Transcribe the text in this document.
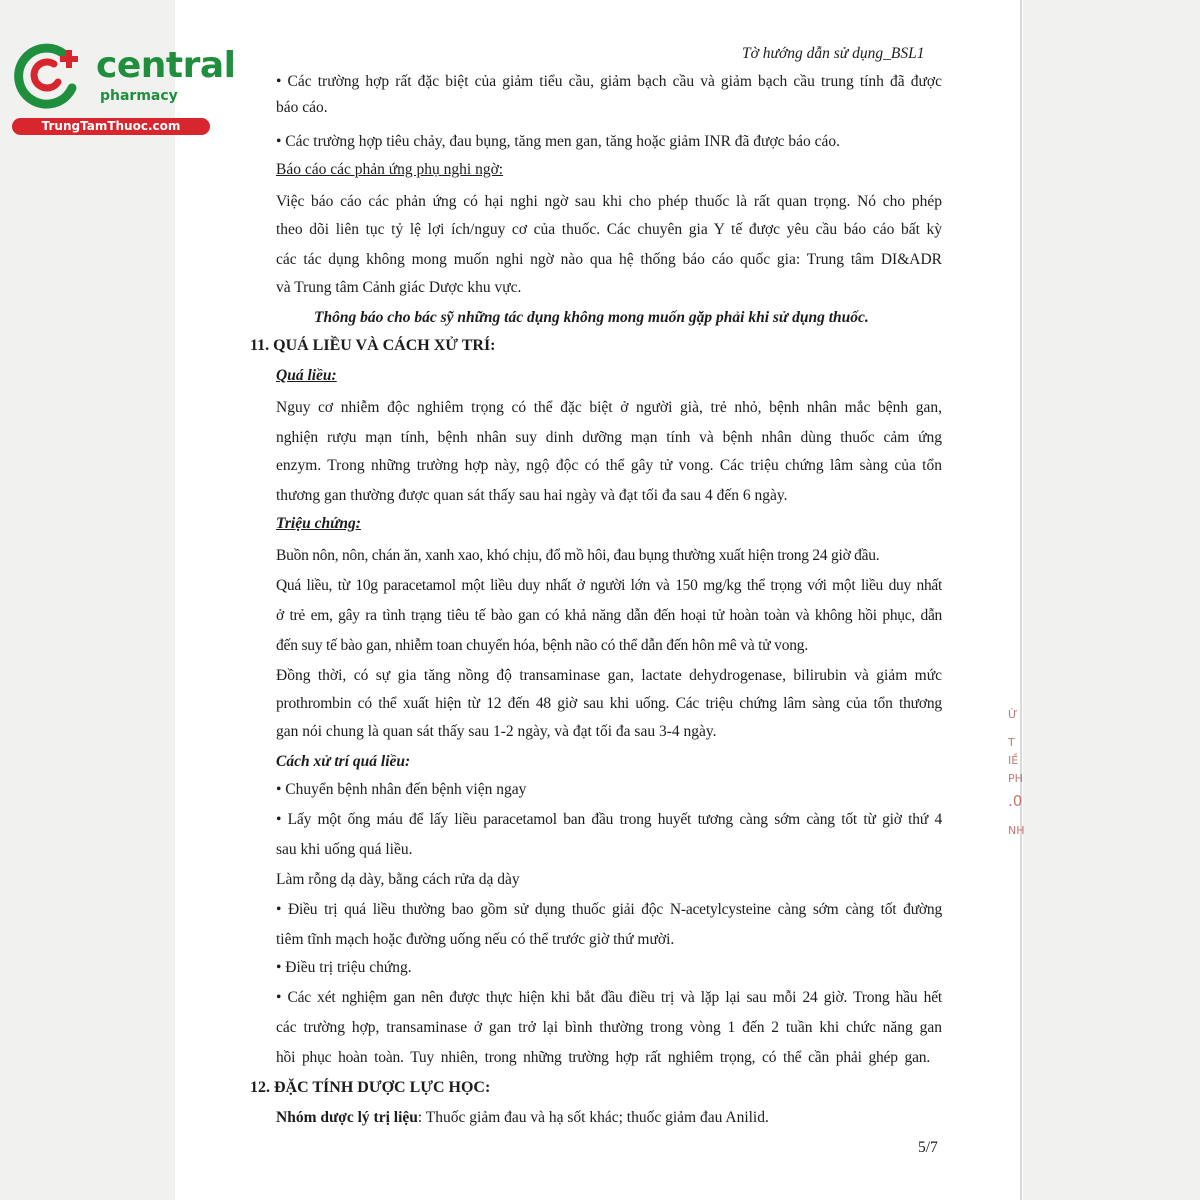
central
pharmacy
TrungTamThuoc.com
Tờ hướng dẫn sử dụng_BSL1
• Các trường hợp rất đặc biệt của giảm tiểu cầu, giảm bạch cầu và giảm bạch cầu trung tính đã được
báo cáo.
• Các trường hợp tiêu chảy, đau bụng, tăng men gan, tăng hoặc giảm INR đã được báo cáo.
Báo cáo các phản ứng phụ nghi ngờ:
Việc báo cáo các phản ứng có hại nghi ngờ sau khi cho phép thuốc là rất quan trọng. Nó cho phép
theo dõi liên tục tỷ lệ lợi ích/nguy cơ của thuốc. Các chuyên gia Y tế được yêu cầu báo cáo bất kỳ
các tác dụng không mong muốn nghi ngờ nào qua hệ thống báo cáo quốc gia: Trung tâm DI&ADR
và Trung tâm Cảnh giác Dược khu vực.
Thông báo cho bác sỹ những tác dụng không mong muốn gặp phải khi sử dụng thuốc.
11. QUÁ LIỀU VÀ CÁCH XỬ TRÍ:
Quá liều:
Nguy cơ nhiễm độc nghiêm trọng có thể đặc biệt ở người già, trẻ nhỏ, bệnh nhân mắc bệnh gan,
nghiện rượu mạn tính, bệnh nhân suy dinh dưỡng mạn tính và bệnh nhân dùng thuốc cảm ứng
enzym. Trong những trường hợp này, ngộ độc có thể gây tử vong. Các triệu chứng lâm sàng của tổn
thương gan thường được quan sát thấy sau hai ngày và đạt tối đa sau 4 đến 6 ngày.
Triệu chứng:
Buồn nôn, nôn, chán ăn, xanh xao, khó chịu, đổ mồ hôi, đau bụng thường xuất hiện trong 24 giờ đầu.
Quá liều, từ 10g paracetamol một liều duy nhất ở người lớn và 150 mg/kg thể trọng với một liều duy nhất
ở trẻ em, gây ra tình trạng tiêu tế bào gan có khả năng dẫn đến hoại tử hoàn toàn và không hồi phục, dẫn
đến suy tế bào gan, nhiễm toan chuyển hóa, bệnh não có thể dẫn đến hôn mê và tử vong.
Đồng thời, có sự gia tăng nồng độ transaminase gan, lactate dehydrogenase, bilirubin và giảm mức
prothrombin có thể xuất hiện từ 12 đến 48 giờ sau khi uống. Các triệu chứng lâm sàng của tổn thương
gan nói chung là quan sát thấy sau 1-2 ngày, và đạt tối đa sau 3-4 ngày.
Cách xử trí quá liều:
• Chuyển bệnh nhân đến bệnh viện ngay
• Lấy một ống máu để lấy liều paracetamol ban đầu trong huyết tương càng sớm càng tốt từ giờ thứ 4
sau khi uống quá liều.
Làm rỗng dạ dày, bằng cách rửa dạ dày
• Điều trị quá liều thường bao gồm sử dụng thuốc giải độc N-acetylcysteine càng sớm càng tốt đường
tiêm tĩnh mạch hoặc đường uống nếu có thể trước giờ thứ mười.
• Điều trị triệu chứng.
• Các xét nghiệm gan nên được thực hiện khi bắt đầu điều trị và lặp lại sau mỗi 24 giờ. Trong hầu hết
các trường hợp, transaminase ở gan trở lại bình thường trong vòng 1 đến 2 tuần khi chức năng gan
hồi phục hoàn toàn. Tuy nhiên, trong những trường hợp rất nghiêm trọng, có thể cần phải ghép gan.
12. ĐẶC TÍNH DƯỢC LỰC HỌC:
Nhóm dược lý trị liệu: Thuốc giảm đau và hạ sốt khác; thuốc giảm đau Anilid.
5/7
Ừ
T
IỀ
PH
.0
NH
